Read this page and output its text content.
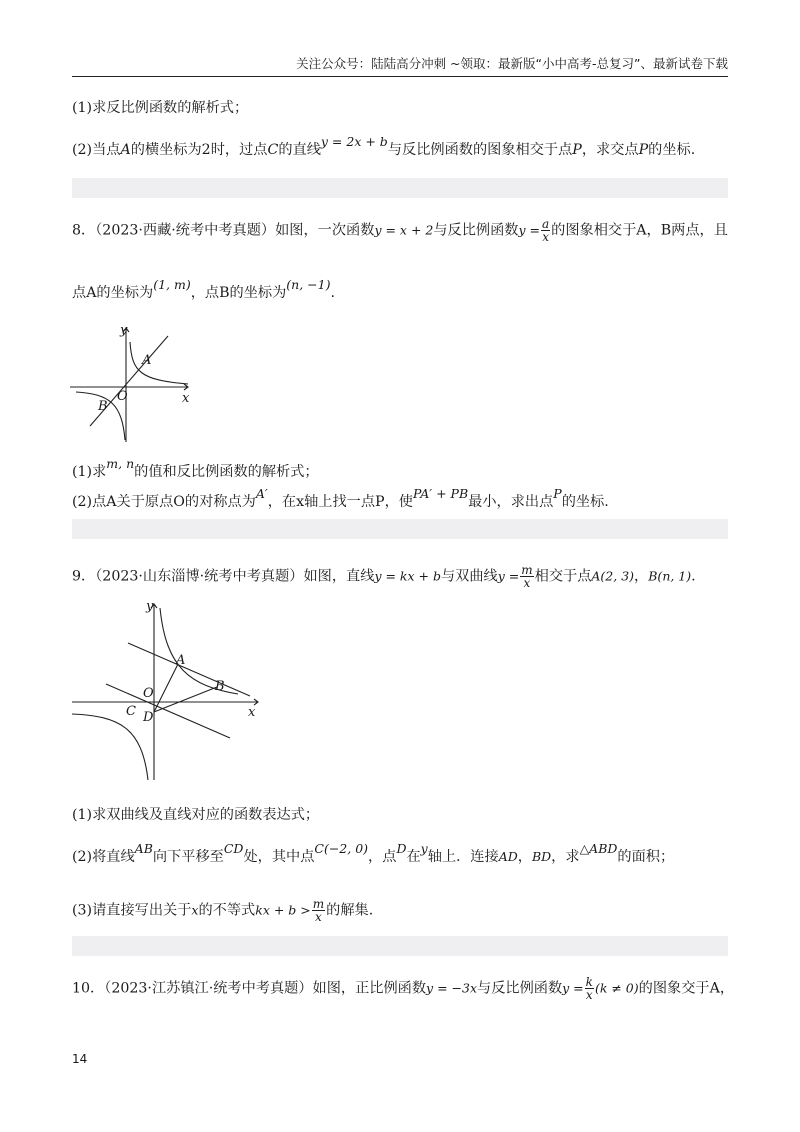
关注公众号：陆陆高分冲刺 ~领取：最新版“小中高考-总复习”、最新试卷下载
(1)求反比例函数的解析式；
(2)当点A的横坐标为2时，过点C的直线y = 2x + b与反比例函数的图象相交于点P，求交点P的坐标.
8．（2023·西藏·统考中考真题）如图，一次函数y = x + 2与反比例函数$y = \frac{a}{x}$ 的图象相交于A，B两点，且
点A的坐标为(1, m)，点B的坐标为(n, −1).
y
x
A
B
O
(1)求m, n的值和反比例函数的解析式；
(2)点A关于原点O的对称点为A′，在x轴上找一点P，使PA′ + PB最小，求出点P的坐标.
9．（2023·山东淄博·统考中考真题）如图，直线y = kx + b与双曲线$y = \frac{m}{x}$ 相交于点A(2, 3)，B(n, 1).
y
x
A
B
O
C D
(1)求双曲线及直线对应的函数表达式；
(2)将直线AB向下平移至CD处，其中点C(−2, 0)，点D在y轴上．连接AD，BD，求△ABD的面积；
(3)请直接写出关于x的不等式kx + $b > \frac{m}{x}$ 的解集.
10．（2023·江苏镇江·统考中考真题）如图，正比例函数y = −3x与反比例函数$y = \frac{k}{x} (k \ne 0)$的图象交于A，
14
